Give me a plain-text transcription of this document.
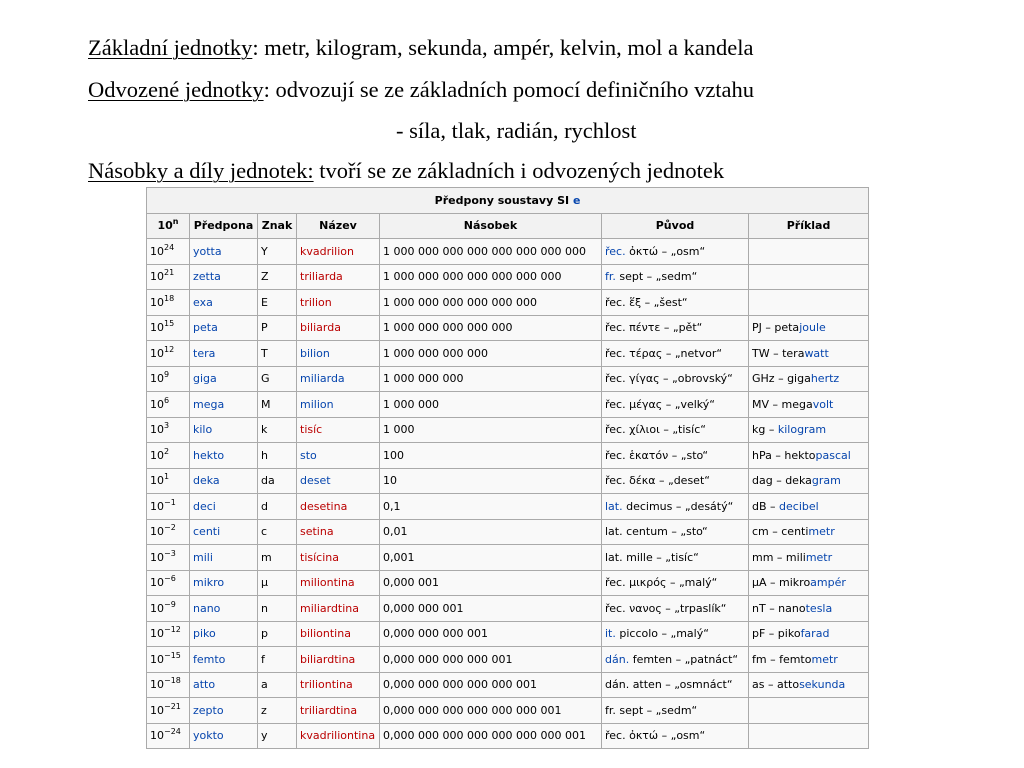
Základní jednotky: metr, kilogram, sekunda, ampér, kelvin, mol a kandela
Odvozené jednotky: odvozují se ze základních pomocí definičního vztahu
- síla, tlak, radián, rychlost
Násobky a díly jednotek: tvoří se ze základních i odvozených jednotek
Předpony soustavy SI e						
10$^n$	Předpona	Znak	Název	Násobek	Původ	Příklad
$10^{24}$	yotta	Y	kvadrilion	1 000 000 000 000 000 000 000 000	řec. ὀκτώ – „osm“	
$10^{21}$	zetta	Z	triliarda	1 000 000 000 000 000 000 000	fr. sept – „sedm“	
$10^{18}$	exa	E	trilion	1 000 000 000 000 000 000	řec. ἕξ – „šest“	
$10^{15}$	peta	P	biliarda	1 000 000 000 000 000	řec. πέντε – „pět“	PJ – petajoule
$10^{12}$	tera	T	bilion	1 000 000 000 000	řec. τέρας – „netvor“	TW – terawatt
$10^9$	giga	G	miliarda	1 000 000 000	řec. γίγας – „obrovský“	GHz – gigahertz
$10^6$	mega	M	milion	1 000 000	řec. μέγας – „velký“	MV – megavolt
$10^3$	kilo	k	tisíc	1 000	řec. χίλιοι – „tisíc“	kg – kilogram
$10^2$	hekto	h	sto	100	řec. ἑκατόν – „sto“	hPa – hektopascal
$10^1$	deka	da	deset	10	řec. δέκα – „deset“	dag – dekagram
$10^{-1}$	deci	d	desetina	0,1	lat. decimus – „desátý“	dB – decibel
$10^{-2}$	centi	c	setina	0,01	lat. centum – „sto“	cm – centimetr
$10^{-3}$	mili	m	tisícina	0,001	lat. mille – „tisíc“	mm – milimetr
$10^{-6}$	mikro	μ	miliontina	0,000 001	řec. μικρός – „malý“	μA – mikroampér
$10^{-9}$	nano	n	miliardtina	0,000 000 001	řec. νανος – „trpaslík“	nT – nanotesla
$10^{-12}$	piko	p	biliontina	0,000 000 000 001	it. piccolo – „malý“	pF – pikofarad
$10^{-15}$	femto	f	biliardtina	0,000 000 000 000 001	dán. femten – „patnáct“	fm – femtometr
$10^{-18}$	atto	a	triliontina	0,000 000 000 000 000 001	dán. atten – „osmnáct“	as – attosekunda
$10^{-21}$	zepto	z	triliardtina	0,000 000 000 000 000 000 001	fr. sept – „sedm“	
$10^{-24}$	yokto	y	kvadriliontina	0,000 000 000 000 000 000 000 001	řec. ὀκτώ – „osm“	
